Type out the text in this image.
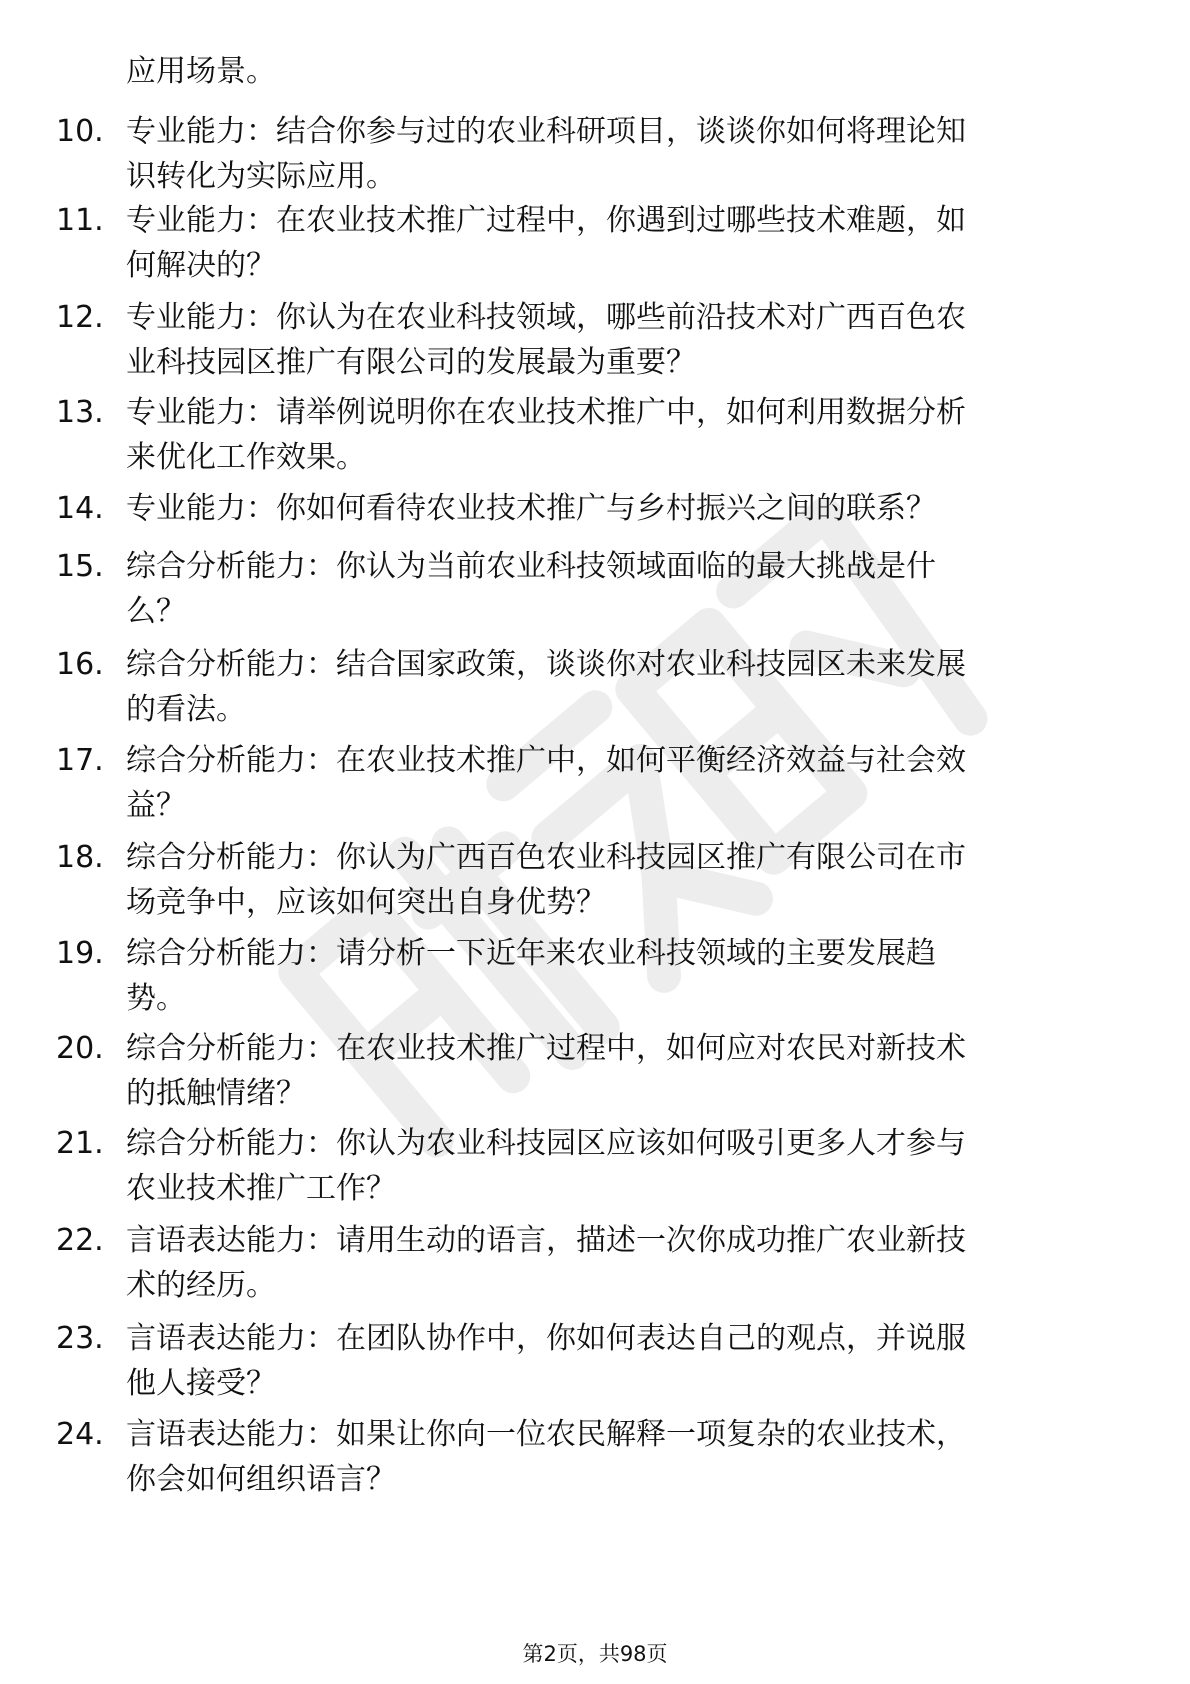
应用场景。
10. 专业能力：结合你参与过的农业科研项目，谈谈你如何将理论知
识转化为实际应用。
11. 专业能力：在农业技术推广过程中，你遇到过哪些技术难题，如
何解决的？
12. 专业能力：你认为在农业科技领域，哪些前沿技术对广西百色农
业科技园区推广有限公司的发展最为重要？
13. 专业能力：请举例说明你在农业技术推广中，如何利用数据分析
来优化工作效果。
14. 专业能力：你如何看待农业技术推广与乡村振兴之间的联系？
15. 综合分析能力：你认为当前农业科技领域面临的最大挑战是什
么？
16. 综合分析能力：结合国家政策，谈谈你对农业科技园区未来发展
的看法。
17. 综合分析能力：在农业技术推广中，如何平衡经济效益与社会效
益？
18. 综合分析能力：你认为广西百色农业科技园区推广有限公司在市
场竞争中，应该如何突出自身优势？
19. 综合分析能力：请分析一下近年来农业科技领域的主要发展趋
势。
20. 综合分析能力：在农业技术推广过程中，如何应对农民对新技术
的抵触情绪？
21. 综合分析能力：你认为农业科技园区应该如何吸引更多人才参与
农业技术推广工作？
22. 言语表达能力：请用生动的语言，描述一次你成功推广农业新技
术的经历。
23. 言语表达能力：在团队协作中，你如何表达自己的观点，并说服
他人接受？
24. 言语表达能力：如果让你向一位农民解释一项复杂的农业技术，
你会如何组织语言？
第2页，共98页
